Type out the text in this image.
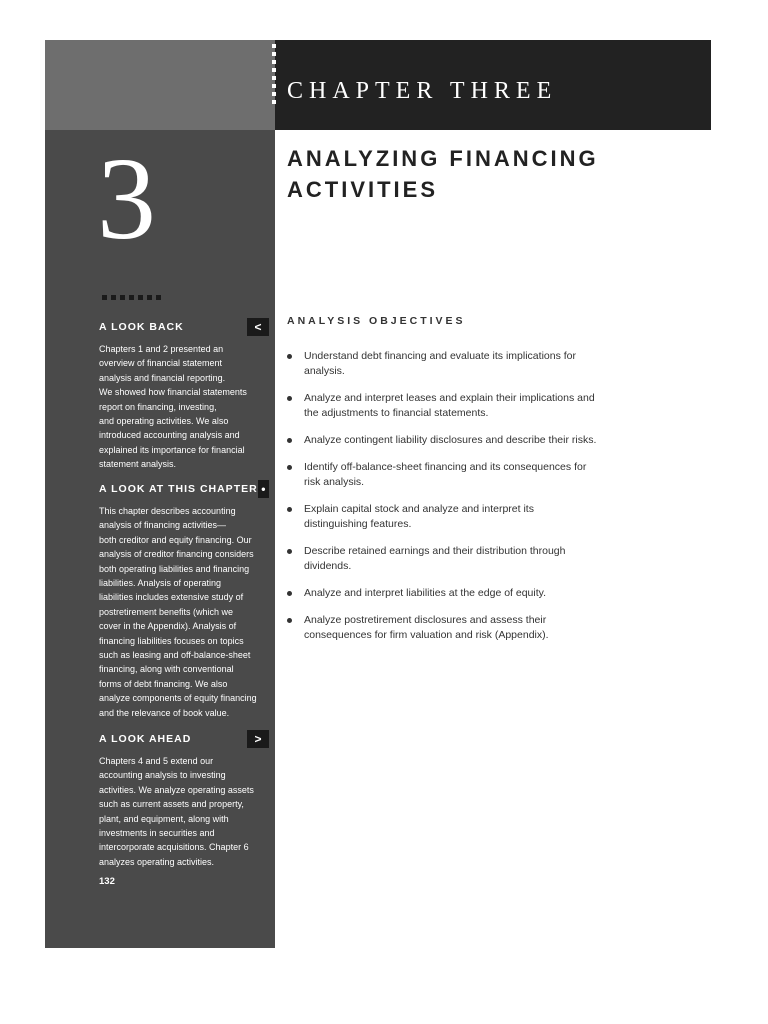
3
CHAPTER THREE
ANALYZING FINANCING
ACTIVITIES
A LOOK BACK	<
Chapters 1 and 2 presented an
overview of financial statement
analysis and financial reporting.
We showed how financial statements
report on financing, investing,
and operating activities. We also
introduced accounting analysis and
explained its importance for financial
statement analysis.
A LOOK AT THIS CHAPTER •
This chapter describes accounting
analysis of financing activities—
both creditor and equity financing. Our
analysis of creditor financing considers
both operating liabilities and financing
liabilities. Analysis of operating
liabilities includes extensive study of
postretirement benefits (which we
cover in the Appendix). Analysis of
financing liabilities focuses on topics
such as leasing and off-balance-sheet
financing, along with conventional
forms of debt financing. We also
analyze components of equity financing
and the relevance of book value.
A LOOK AHEAD	>
Chapters 4 and 5 extend our
accounting analysis to investing
activities. We analyze operating assets
such as current assets and property,
plant, and equipment, along with
investments in securities and
intercorporate acquisitions. Chapter 6
analyzes operating activities.
132
ANALYSIS OBJECTIVES
Understand debt financing and evaluate its implications for
analysis.
Analyze and interpret leases and explain their implications and
the adjustments to financial statements.
Analyze contingent liability disclosures and describe their risks.
Identify off-balance-sheet financing and its consequences for
risk analysis.
Explain capital stock and analyze and interpret its
distinguishing features.
Describe retained earnings and their distribution through
dividends.
Analyze and interpret liabilities at the edge of equity.
Analyze postretirement disclosures and assess their
consequences for firm valuation and risk (Appendix).
